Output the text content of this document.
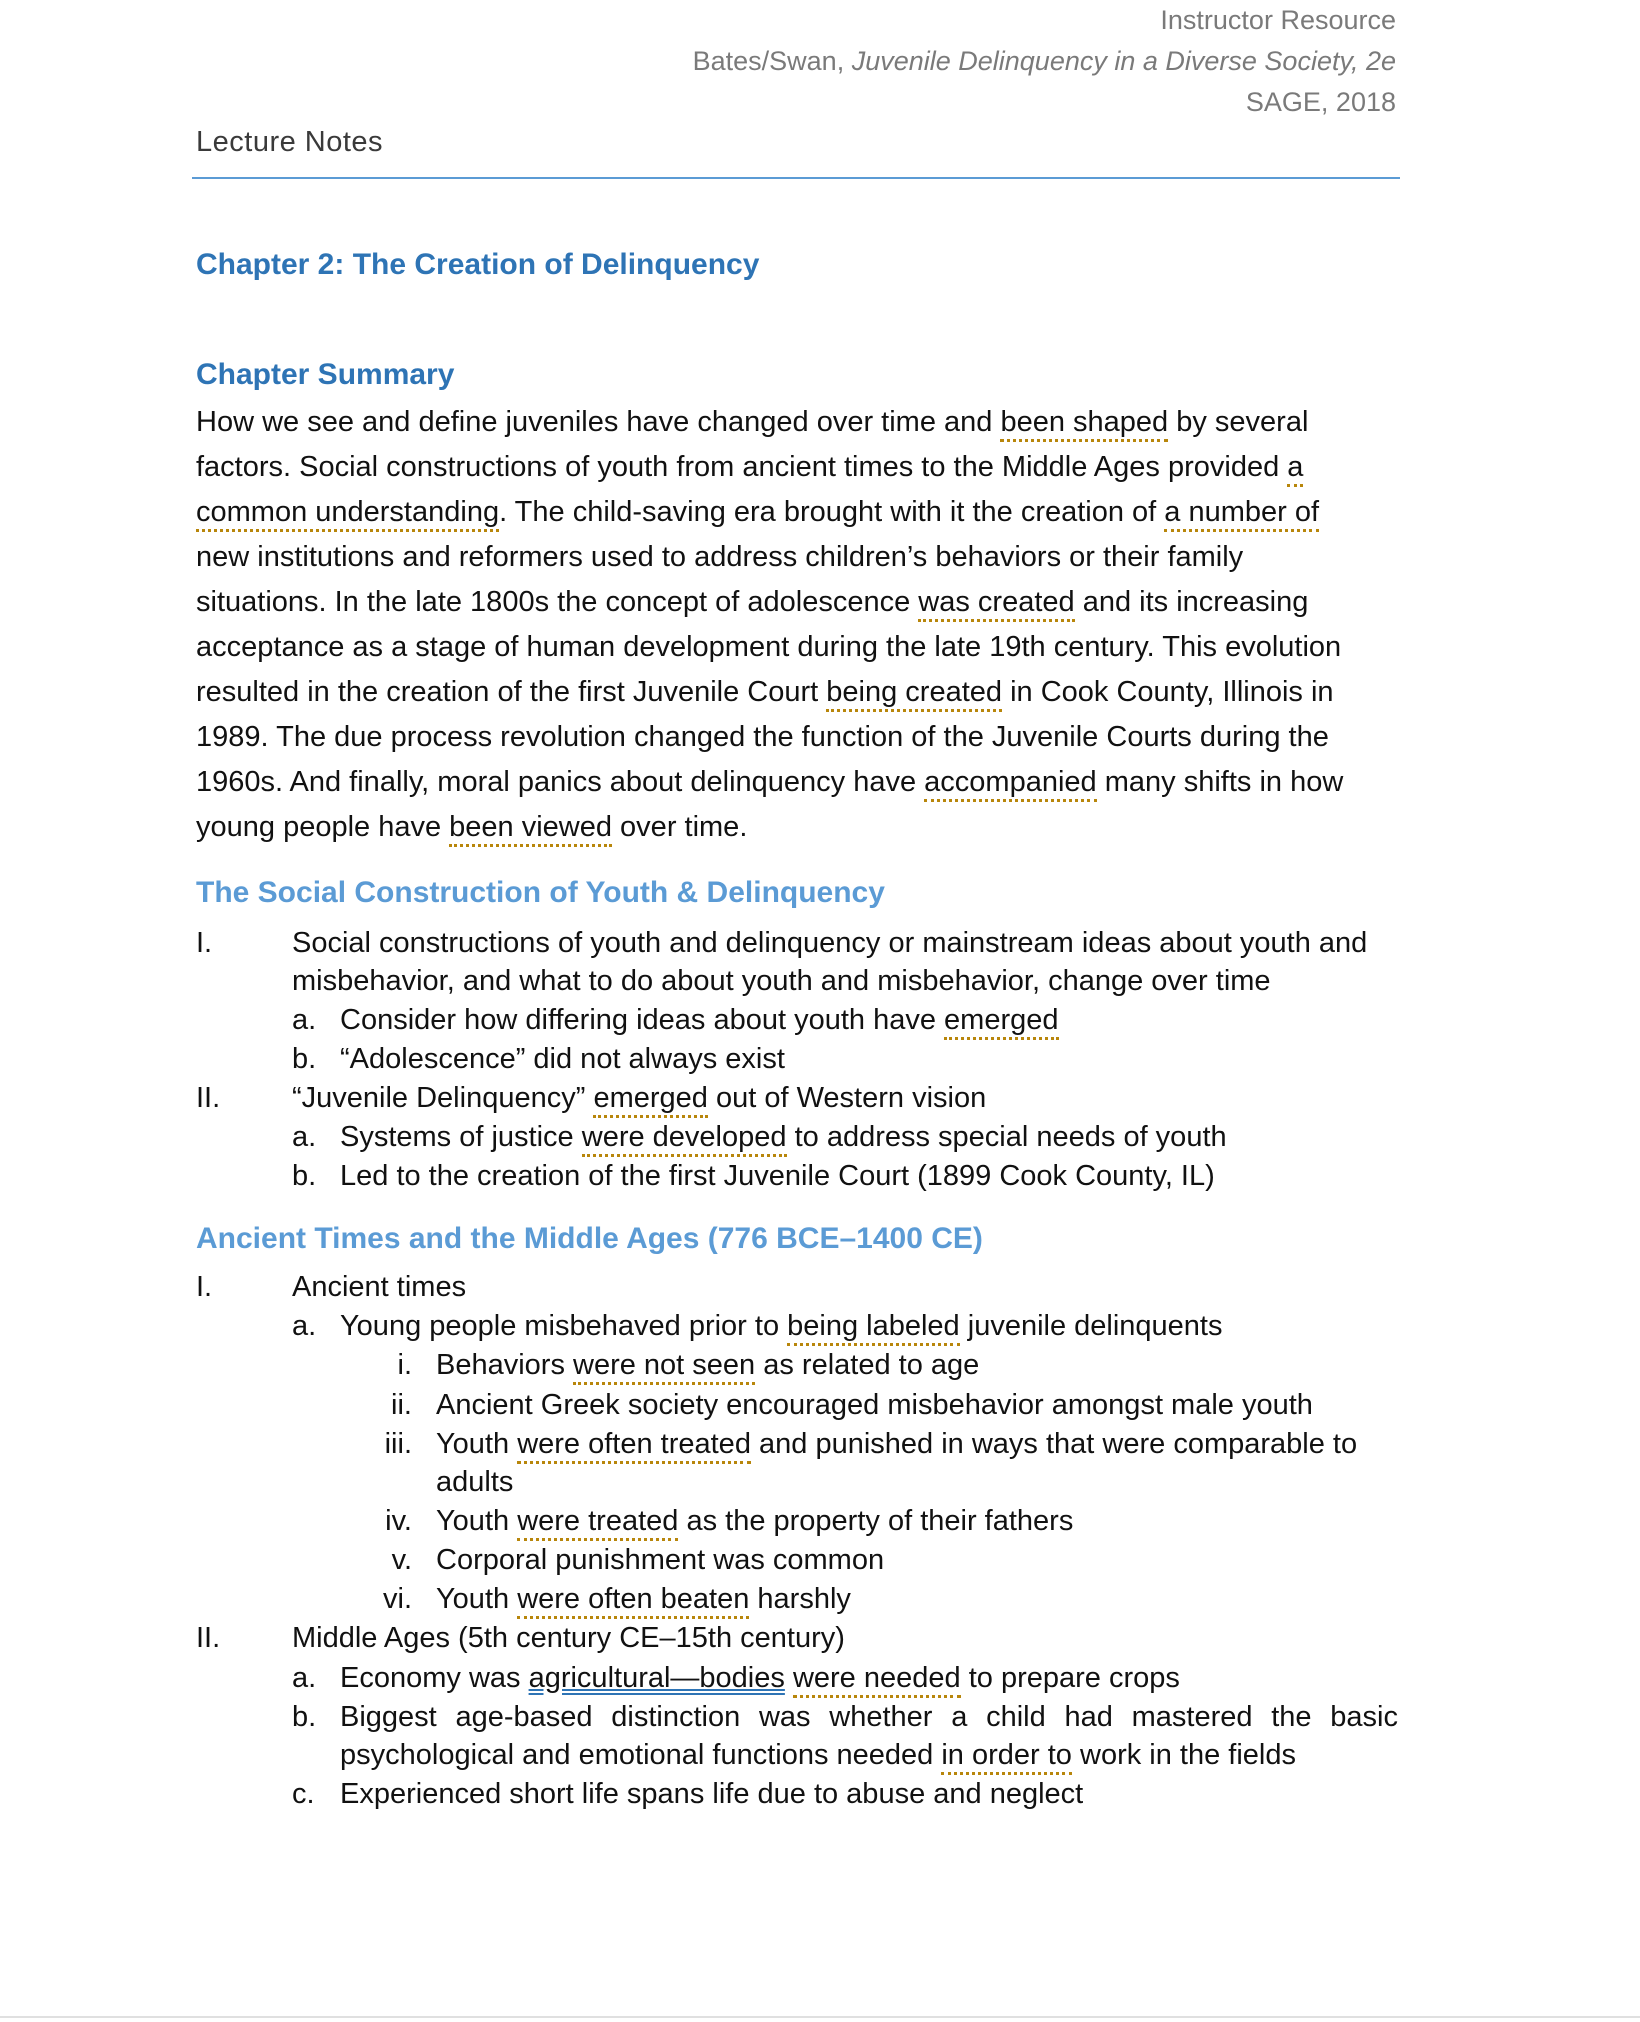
Instructor Resource
Bates/Swan, Juvenile Delinquency in a Diverse Society, 2e
SAGE, 2018
Lecture Notes
Chapter 2: The Creation of Delinquency
Chapter Summary
How we see and define juveniles have changed over time and been shaped by several
factors. Social constructions of youth from ancient times to the Middle Ages provided a
common understanding. The child-saving era brought with it the creation of a number of
new institutions and reformers used to address children’s behaviors or their family
situations. In the late 1800s the concept of adolescence was created and its increasing
acceptance as a stage of human development during the late 19th century. This evolution
resulted in the creation of the first Juvenile Court being created in Cook County, Illinois in
1989. The due process revolution changed the function of the Juvenile Courts during the
1960s. And finally, moral panics about delinquency have accompanied many shifts in how
young people have been viewed over time.
The Social Construction of Youth & Delinquency
I.	Social constructions of youth and delinquency or mainstream ideas about youth and
misbehavior, and what to do about youth and misbehavior, change over time
a. Consider how differing ideas about youth have emerged
b. “Adolescence” did not always exist
II. “Juvenile Delinquency” emerged out of Western vision
a. Systems of justice were developed to address special needs of youth
b. Led to the creation of the first Juvenile Court (1899 Cook County, IL)
Ancient Times and the Middle Ages (776 BCE–1400 CE)
I.	Ancient times
a. Young people misbehaved prior to being labeled juvenile delinquents
i. Behaviors were not seen as related to age
ii. Ancient Greek society encouraged misbehavior amongst male youth
iii. Youth were often treated and punished in ways that were comparable to
adults
iv. Youth were treated as the property of their fathers
v. Corporal punishment was common
vi. Youth were often beaten harshly
II. Middle Ages (5th century CE–15th century)
a. Economy was agricultural—bodies were needed to prepare crops
b. Biggest age-based distinction was whether a child had mastered the basic
psychological and emotional functions needed in order to work in the fields
c. Experienced short life spans life due to abuse and neglect
